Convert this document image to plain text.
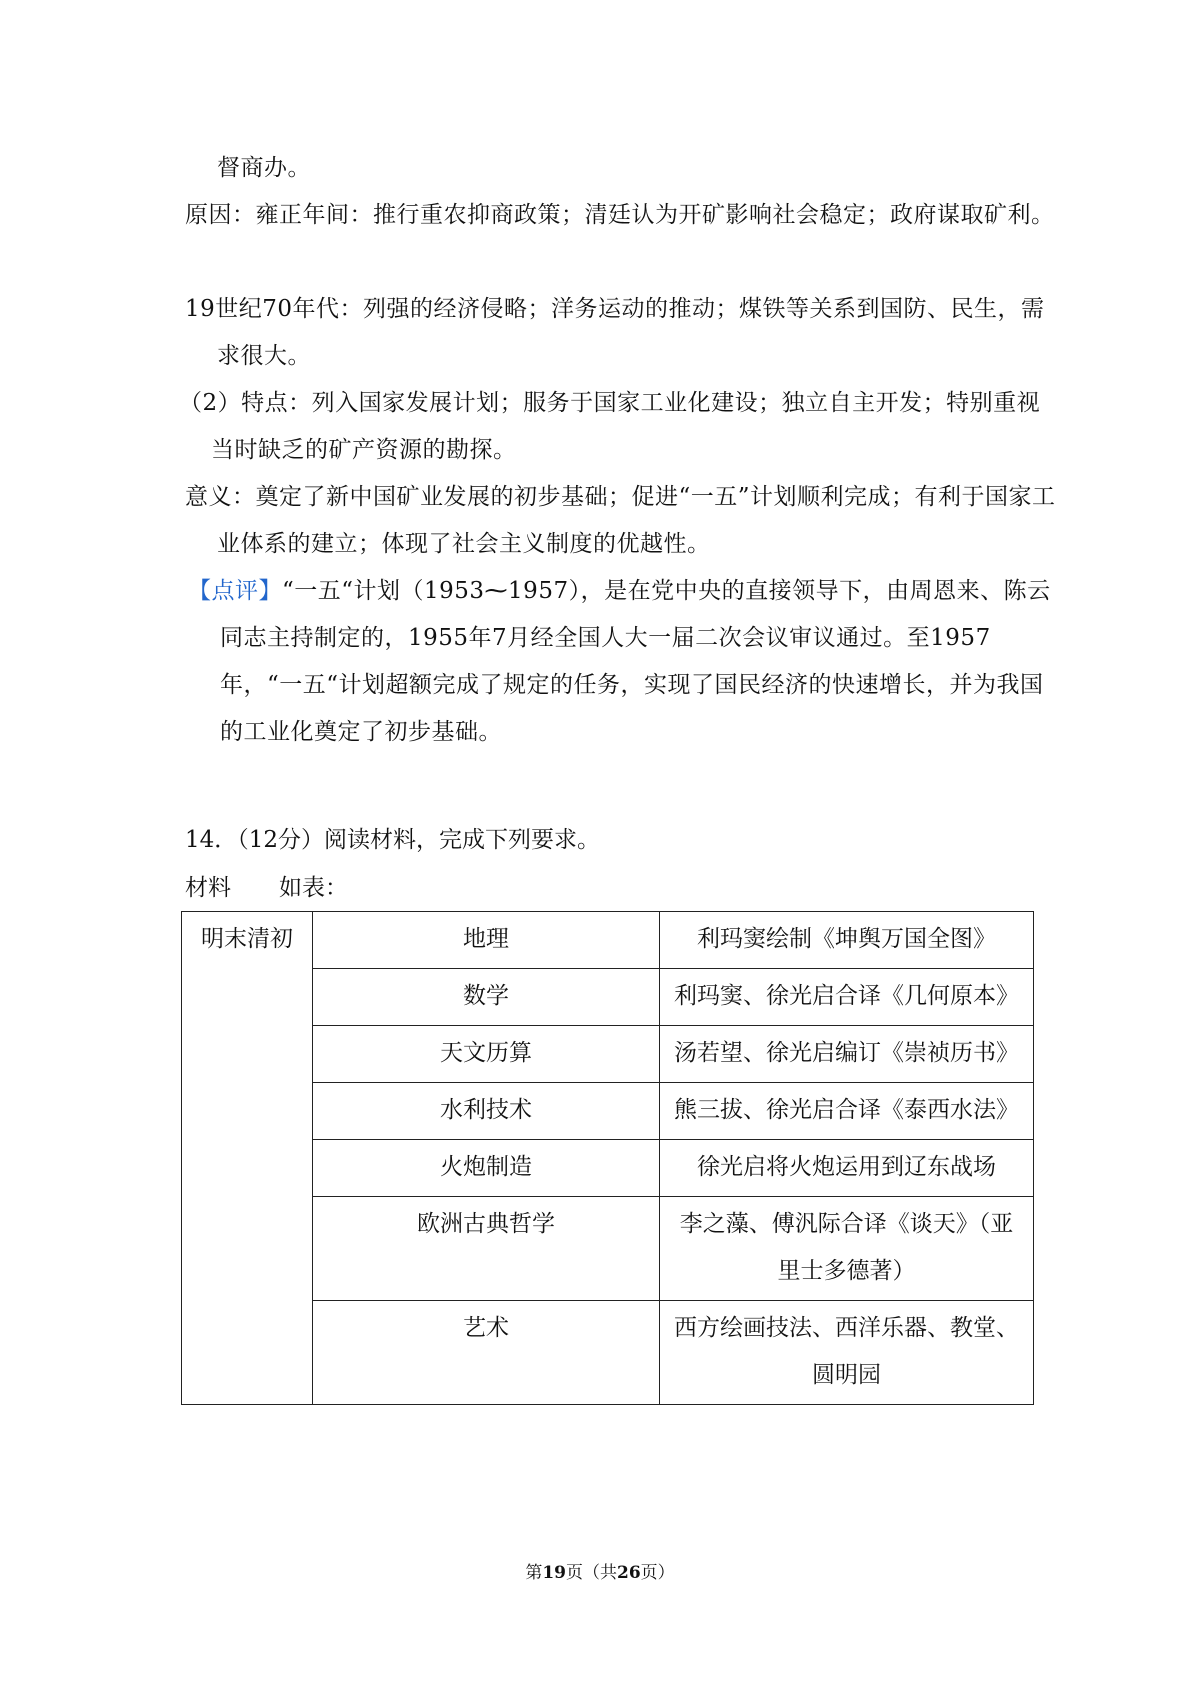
督商办。
原因：雍正年间：推行重农抑商政策；清廷认为开矿影响社会稳定；政府谋取矿利。
19世纪70年代：列强的经济侵略；洋务运动的推动；煤铁等关系到国防、民生，需求很大。
（2）特点：列入国家发展计划；服务于国家工业化建设；独立自主开发；特别重视当时缺乏的矿产资源的勘探。
意义：奠定了新中国矿业发展的初步基础；促进“一五”计划顺利完成；有利于国家工业体系的建立；体现了社会主义制度的优越性。
【点评】“一五“计划（1953⁓1957），是在党中央的直接领导下，由周恩来、陈云同志主持制定的，1955年7月经全国人大一届二次会议审议通过。至1957年，“一五“计划超额完成了规定的任务，实现了国民经济的快速增长，并为我国的工业化奠定了初步基础。
14．（12分）阅读材料，完成下列要求。
材料 如表：
明末清初	地理	利玛窦绘制《坤舆万国全图》
	数学	利玛窦、徐光启合译《几何原本》
	天文历算	汤若望、徐光启编订《崇祯历书》
	水利技术	熊三拔、徐光启合译《泰西水法》
	火炮制造	徐光启将火炮运用到辽东战场
	欧洲古典哲学	李之藻、傅汎际合译《谈天》（亚里士多德著）
	艺术	西方绘画技法、西洋乐器、教堂、圆明园
第19页（共26页）
